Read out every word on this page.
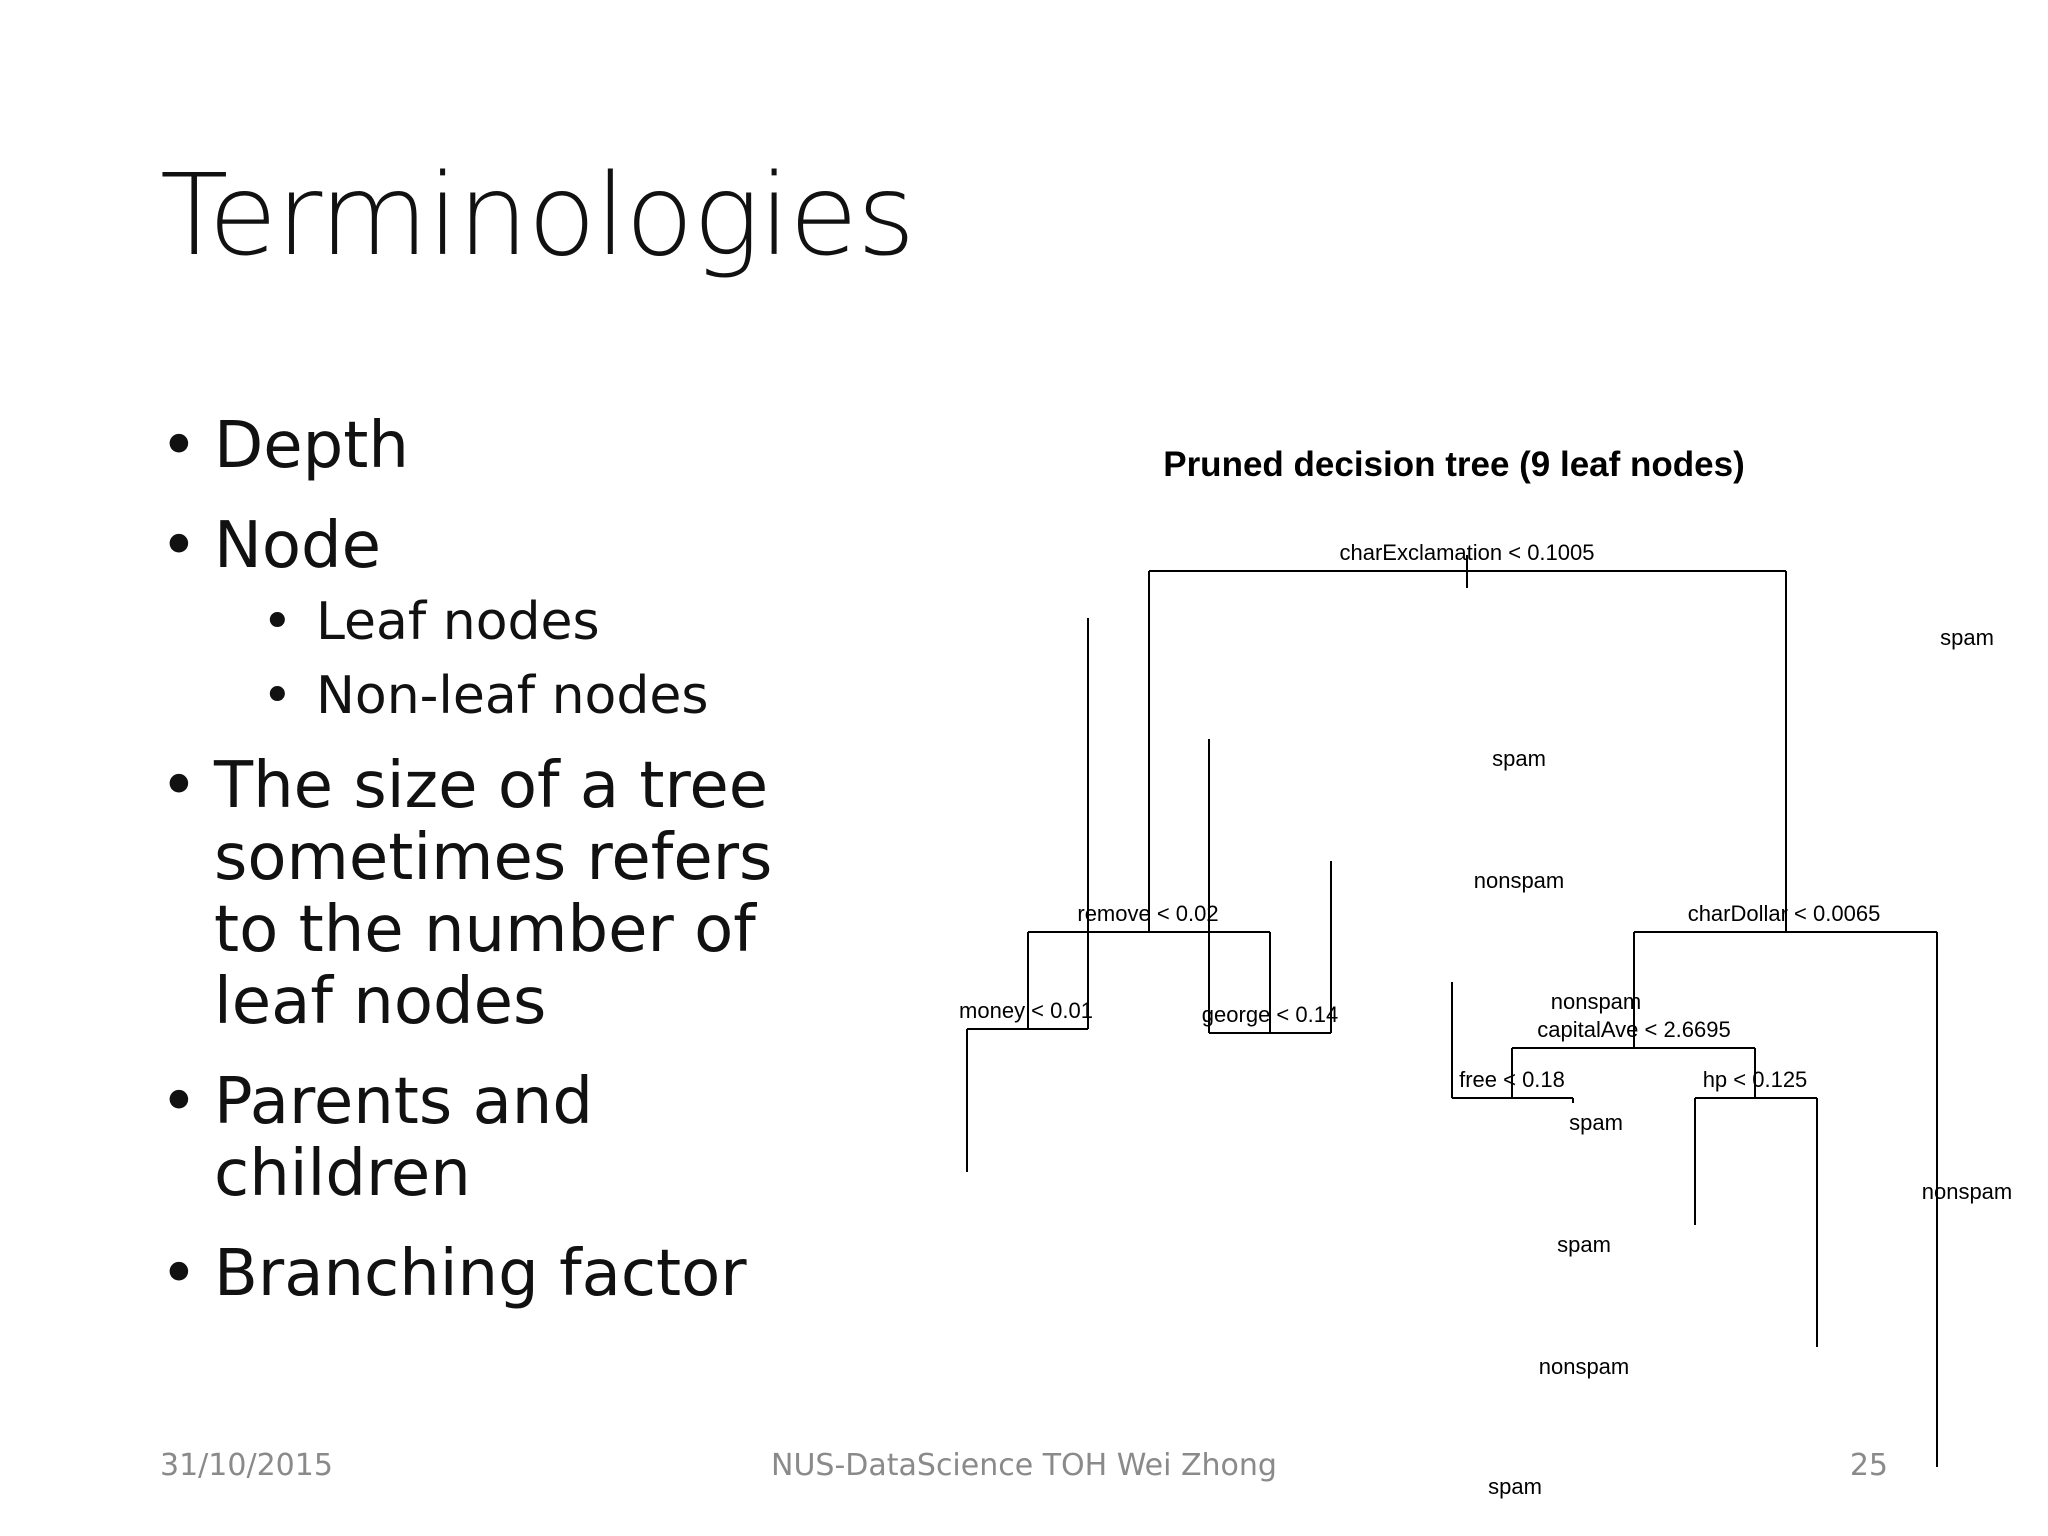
Terminologies
• Depth
• Node
• Leaf nodes
• Non-leaf nodes
• The size of a tree sometimes refers to the number of leaf nodes
• Parents and children
• Branching factor
Pruned decision tree (9 leaf nodes)
charExclamation < 0.1005
remove < 0.02
money < 0.01
nonspam
spam
george < 0.14
spam
nonspam
charDollar < 0.0065
capitalAve < 2.6695
free < 0.18
nonspam
spam
hp < 0.125
spam
nonspam
spam
31/10/2015	NUS-DataScience TOH Wei Zhong	25
